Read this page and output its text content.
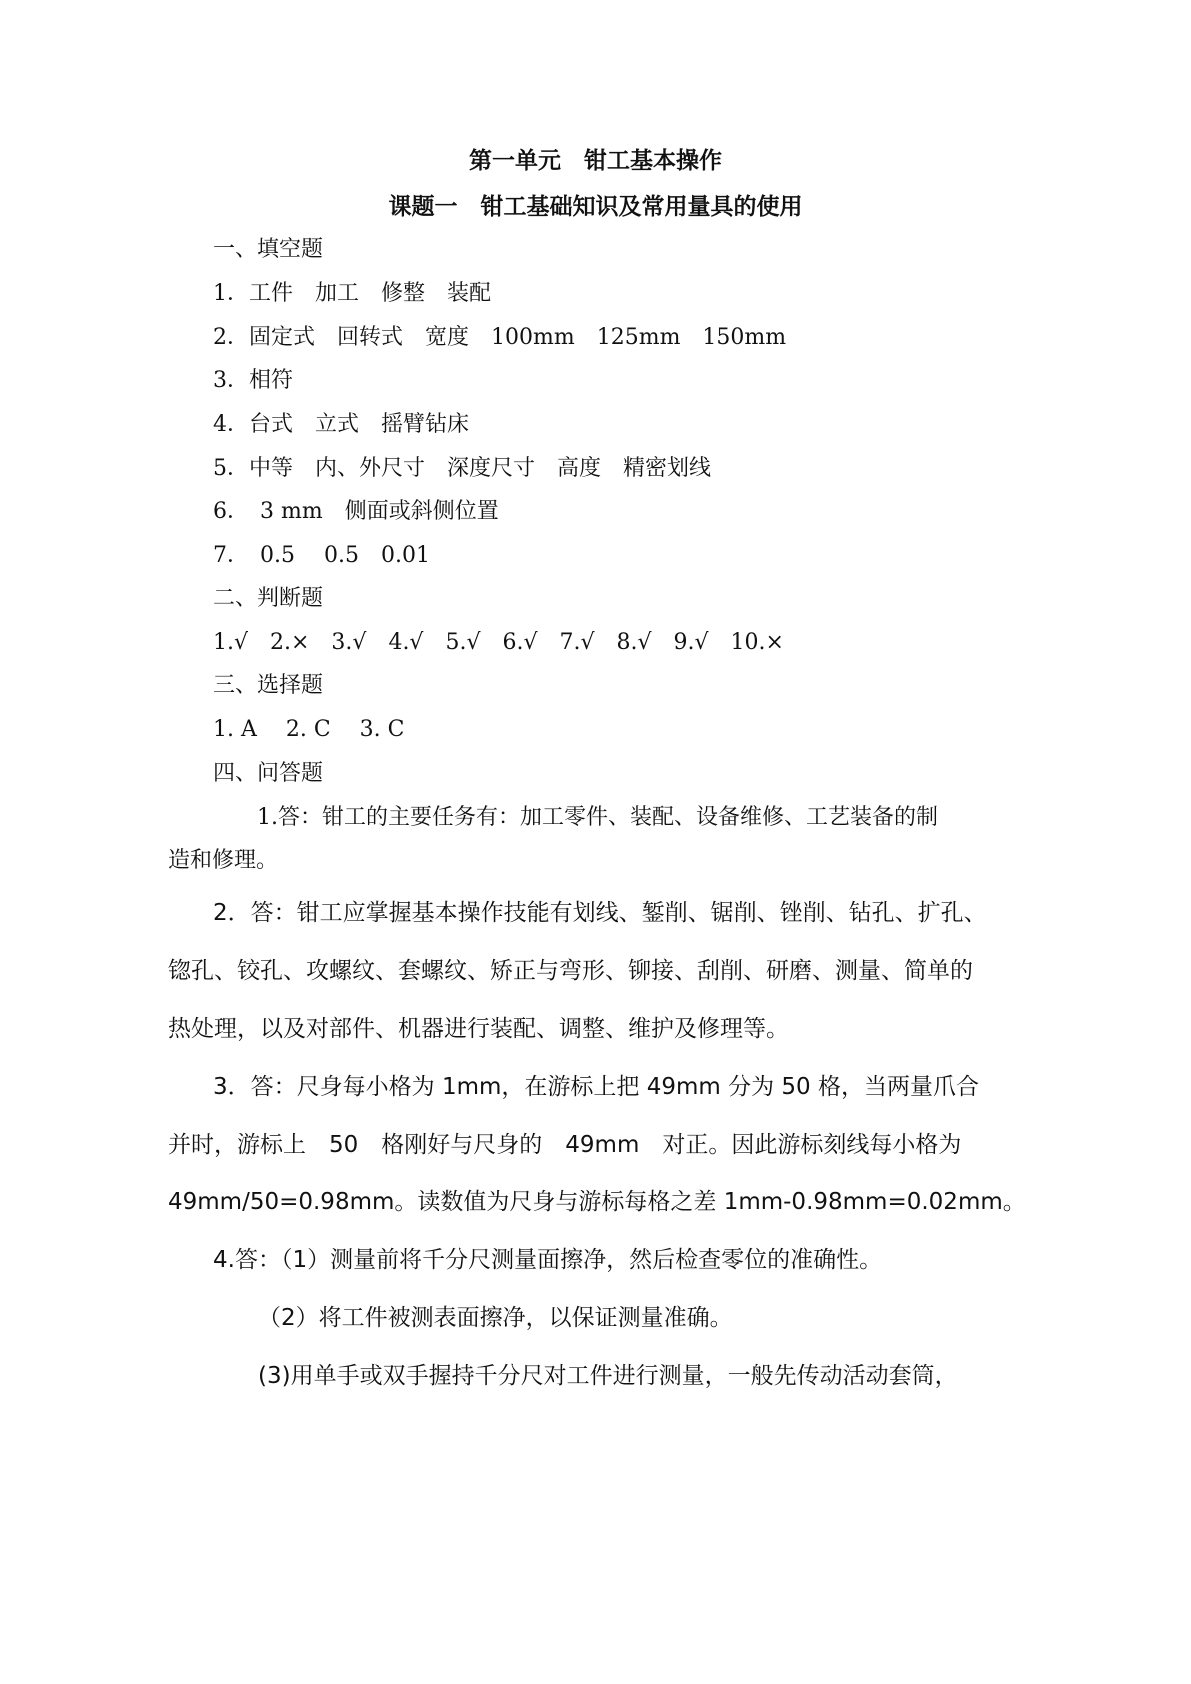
第一单元　钳工基本操作
课题一　钳工基础知识及常用量具的使用
一、填空题
1．工件　加工　修整　装配
2．固定式　回转式　宽度　100mm　125mm　150mm
3．相符
4．台式　立式　摇臂钻床
5．中等　内、外尺寸　深度尺寸　高度　精密划线
6．　3 mm　侧面或斜侧位置
7．　0.5　 0.5　0.01
二、判断题
1.√　2.×　3.√　4.√　5.√　6.√　7.√　8.√　9.√　10.×
三、选择题
1. A　 2. C　 3. C
四、问答题
1.答：钳工的主要任务有：加工零件、装配、设备维修、工艺装备的制
造和修理。
2．答：钳工应掌握基本操作技能有划线、錾削、锯削、锉削、钻孔、扩孔、
锪孔、铰孔、攻螺纹、套螺纹、矫正与弯形、铆接、刮削、研磨、测量、简单的
热处理，以及对部件、机器进行装配、调整、维护及修理等。
3．答：尺身每小格为 1mm，在游标上把 49mm 分为 50 格，当两量爪合
并时，游标上　50　格刚好与尺身的　49mm　对正。因此游标刻线每小格为
49mm/50=0.98mm。读数值为尺身与游标每格之差 1mm-0.98mm=0.02mm。
4.答：（1）测量前将千分尺测量面擦净，然后检查零位的准确性。
（2）将工件被测表面擦净，以保证测量准确。
(3)用单手或双手握持千分尺对工件进行测量，一般先传动活动套筒，
